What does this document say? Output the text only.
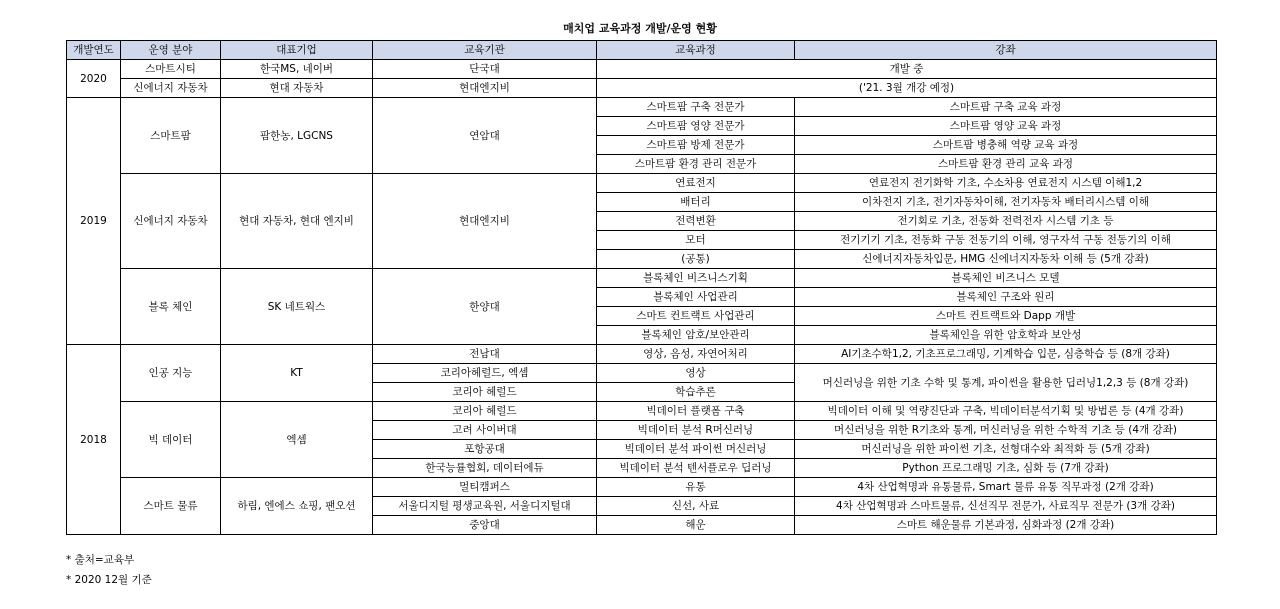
매치업 교육과정 개발/운영 현황
개발연도	운영 분야	대표기업	교육기관	교육과정	강좌
2020	스마트시티	한국MS, 네이버	단국대	개발 중	
	신에너지 자동차	현대 자동차	현대엔지비	('21. 3월 개강 예정)	
2019	스마트팜	팜한농, LGCNS	연암대	스마트팜 구축 전문가	스마트팜 구축 교육 과정
				스마트팜 영양 전문가	스마트팜 영양 교육 과정
				스마트팜 방제 전문가	스마트팜 병충해 역량 교육 과정
				스마트팜 환경 관리 전문가	스마트팜 환경 관리 교육 과정
	신에너지 자동차	현대 자동차, 현대 엔지비	현대엔지비	연료전지	연료전지 전기화학 기초, 수소차용 연료전지 시스템 이해1,2
				배터리	이차전지 기초, 전기자동차이해, 전기자동차 배터리시스템 이해
				전력변환	전기회로 기초, 전동화 전력전자 시스템 기초 등
				모터	전기기기 기초, 전동화 구동 전동기의 이해, 영구자석 구동 전동기의 이해
				(공통)	신에너지자동차입문, HMG 신에너지자동차 이해 등 (5개 강좌)
	블록 체인	SK 네트웍스	한양대	블록체인 비즈니스기획	블록체인 비즈니스 모델
				블록체인 사업관리	블록체인 구조와 원리
				스마트 컨트랙트 사업관리	스마트 컨트랙트와 Dapp 개발
				블록체인 암호/보안관리	블록체인을 위한 암호학과 보안성
2018	인공 지능	KT	전남대	영상, 음성, 자연어처리	AI기초수학1,2, 기초프로그래밍, 기계학습 입문, 심층학습 등 (8개 강좌)
			코리아헤럴드, 엑셈	영상	머신러닝을 위한 기초 수학 및 통계, 파이썬을 활용한 딥러닝1,2,3 등 (8개 강좌)
			코리아 헤럴드	학습추론	
	빅 데이터	엑셈	코리아 헤럴드	빅데이터 플랫폼 구축	빅데이터 이해 및 역량진단과 구축, 빅데이터분석기획 및 방법론 등 (4개 강좌)
			고려 사이버대	빅데이터 분석 R머신러닝	머신러닝을 위한 R기초와 통계, 머신러닝을 위한 수학적 기초 등 (4개 강좌)
			포항공대	빅데이터 분석 파이썬 머신러닝	머신러닝을 위한 파이썬 기초, 선형대수와 최적화 등 (5개 강좌)
			한국능률협회, 데이터에듀	빅데이터 분석 텐서플로우 딥러닝	Python 프로그래밍 기초, 심화 등 (7개 강좌)
	스마트 물류	하림, 엔에스 쇼핑, 팬오션	멀티캠퍼스	유통	4차 산업혁명과 유통물류, Smart 물류 유통 직무과정 (2개 강좌)
			서울디지털 평생교육원, 서울디지털대	신선, 사료	4차 산업혁명과 스마트물류, 신선직무 전문가, 사료직무 전문가 (3개 강좌)
			중앙대	해운	스마트 해운물류 기본과정, 심화과정 (2개 강좌)
* 출처=교육부
* 2020 12월 기준
